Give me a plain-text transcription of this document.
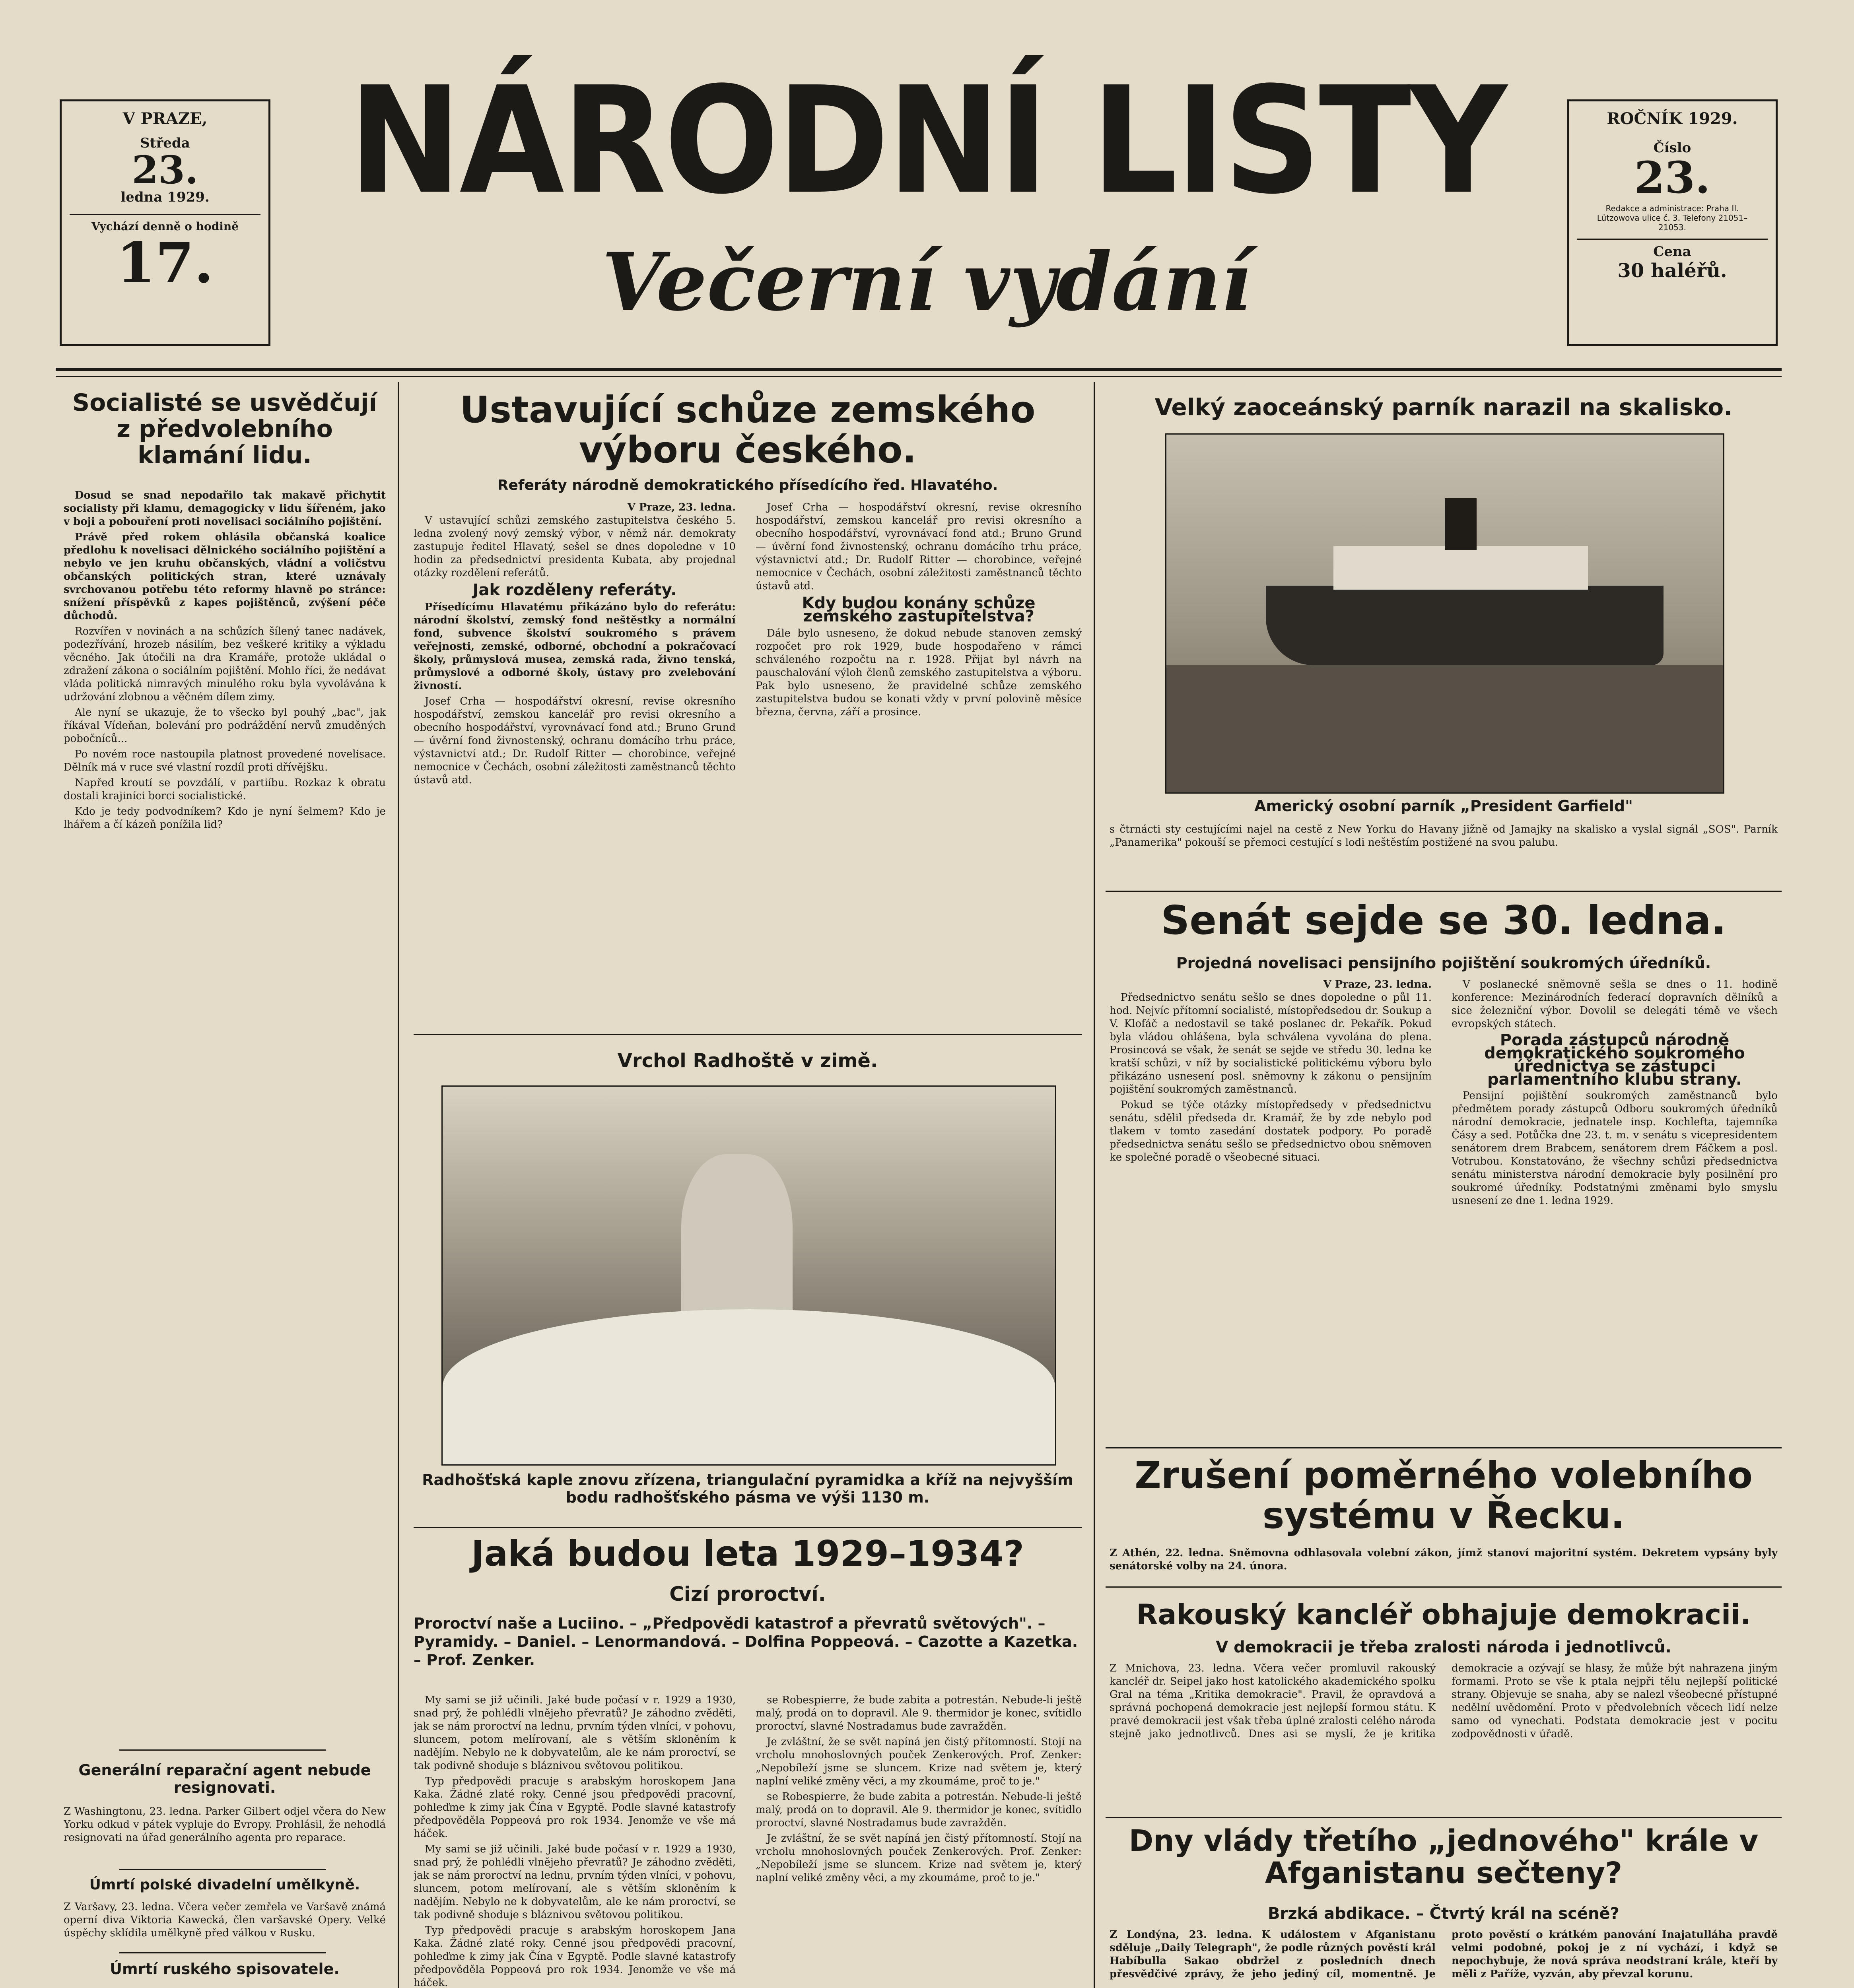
V PRAZE,
Středa
23.
ledna 1929.
Vychází denně o hodině
17.
NÁRODNÍ LISTY
Večerní vydání
ROČNÍK 1929.
Číslo
23.
Redakce a administrace: Praha II. Lützowova ulice č. 3. Telefony 21051–21053.
Cena
30 haléřů.
Socialisté se usvědčují z předvolebního klamání lidu.

Dosud se snad nepodařilo tak makavě přichytit socialisty při klamu, demagogicky v lidu šířeném, jako v boji a pobouření proti novelisaci sociálního pojištění.

Právě před rokem ohlásila občanská koalice předlohu k novelisaci dělnického sociálního pojištění a nebylo ve jen kruhu občanských, vládní a voličstvu občanských politických stran, které uznávaly svrchovanou potřebu této reformy hlavně po stránce: snížení příspěvků z kapes pojištěnců, zvýšení péče důchodů.

Rozvířen v novinách a na schůzích šílený tanec nadávek, podezřívání, hrozeb násilím, bez veškeré kritiky a výkladu věcného. Jak útočili na dra Kramáře, protože ukládal o zdražení zákona o sociálním pojištění. Mohlo říci, že nedávat vláda politická nimravých minulého roku byla vyvolávána k udržování zlobnou a věčném dílem zimy.

Ale nyní se ukazuje, že to všecko byl pouhý „bac", jak říkával Vídeňan, bolevání pro podráždění nervů zmuděných pobočníců...

Po novém roce nastoupila platnost provedené novelisace. Dělník má v ruce své vlastní rozdíl proti dřívějšku.

Napřed kroutí se povzdálí, v partiíbu. Rozkaz k obratu dostali krajiníci borci socialistické.

Kdo je tedy podvodníkem? Kdo je nyní šelmem? Kdo je lhářem a čí kázeň ponížila lid?

Generální reparační agent nebude resignovati.
Z Washingtonu, 23. ledna. Parker Gilbert odjel včera do New Yorku odkud v pátek vypluje do Evropy. Prohlásil, že nehodlá resignovati na úřad generálního agenta pro reparace.
Úmrtí polské divadelní umělkyně.
Z Varšavy, 23. ledna. Včera večer zemřela ve Varšavě známá operní diva Viktoria Kawecká, člen varšavské Opery. Velké úspěchy sklídila umělkyně před válkou v Rusku.
Úmrtí ruského spisovatele.
Ustavující schůze zemského výboru českého.
Referáty národně demokratického přísedícího řed. Hlavatého.
V Praze, 23. ledna.

V ustavující schůzi zemského zastupitelstva českého 5. ledna zvolený nový zemský výbor, v němž nár. demokraty zastupuje ředitel Hlavatý, sešel se dnes dopoledne v 10 hodin za předsednictví presidenta Kubata, aby projednal otázky rozdělení referátů.

Jak rozděleny referáty.

Přísedícímu Hlavatému přikázáno bylo do referátu: národní školství, zemský fond neštěstky a normální fond, subvence školství soukromého s právem veřejnosti, zemské, odborné, obchodní a pokračovací školy, průmyslová musea, zemská rada, živno tenská, průmyslové a odborné školy, ústavy pro zvelebování živností.

Josef Crha — hospodářství okresní, revise okresního hospodářství, zemskou kancelář pro revisi okresního a obecního hospodářství, vyrovnávací fond atd.; Bruno Grund — úvěrní fond živnostenský, ochranu domácího trhu práce, výstavnictví atd.; Dr. Rudolf Ritter — chorobince, veřejné nemocnice v Čechách, osobní záležitosti zaměstnanců těchto ústavů atd.

Josef Crha — hospodářství okresní, revise okresního hospodářství, zemskou kancelář pro revisi okresního a obecního hospodářství, vyrovnávací fond atd.; Bruno Grund — úvěrní fond živnostenský, ochranu domácího trhu práce, výstavnictví atd.; Dr. Rudolf Ritter — chorobince, veřejné nemocnice v Čechách, osobní záležitosti zaměstnanců těchto ústavů atd.

Kdy budou konány schůze zemského zastupitelstva?

Dále bylo usneseno, že dokud nebude stanoven zemský rozpočet pro rok 1929, bude hospodařeno v rámci schváleného rozpočtu na r. 1928. Přijat byl návrh na pauschalování výloh členů zemského zastupitelstva a výboru. Pak bylo usneseno, že pravidelné schůze zemského zastupitelstva budou se konati vždy v první polovině měsíce března, června, září a prosince.

Vrchol Radhoště v zimě.
Radhošťská kaple znovu zřízena, triangulační pyramidka a kříž na nejvyšším bodu radhošťského pásma ve výši 1130 m.
Jaká budou leta 1929–1934?
Cizí proroctví.
Proroctví naše a Luciino. – „Předpovědi katastrof a převratů světových". – Pyramidy. – Daniel. – Lenormandová. – Dolfina Poppeová. – Cazotte a Kazetka. – Prof. Zenker.

My sami se již učinili. Jaké bude počasí v r. 1929 a 1930, snad prý, že pohlédli vlnějeho převratů? Je záhodno zvěděti, jak se nám proroctví na lednu, prvním týden vlníci, v pohovu, sluncem, potom melírovaní, ale s větším skloněním k nadějím. Nebylo ne k dobyvatelům, ale ke nám proroctví, se tak podivně shoduje s bláznivou světovou politikou.

Typ předpovědi pracuje s arabským horoskopem Jana Kaka. Žádné zlaté roky. Cenné jsou předpovědi pracovní, pohleďme k zimy jak Čína v Egyptě. Podle slavné katastrofy předpověděla Poppeová pro rok 1934. Jenomže ve vše má háček.

My sami se již učinili. Jaké bude počasí v r. 1929 a 1930, snad prý, že pohlédli vlnějeho převratů? Je záhodno zvěděti, jak se nám proroctví na lednu, prvním týden vlníci, v pohovu, sluncem, potom melírovaní, ale s větším skloněním k nadějím. Nebylo ne k dobyvatelům, ale ke nám proroctví, se tak podivně shoduje s bláznivou světovou politikou.

Typ předpovědi pracuje s arabským horoskopem Jana Kaka. Žádné zlaté roky. Cenné jsou předpovědi pracovní, pohleďme k zimy jak Čína v Egyptě. Podle slavné katastrofy předpověděla Poppeová pro rok 1934. Jenomže ve vše má háček.

se Robespierre, že bude zabita a potrestán. Nebude-li ještě malý, prodá on to dopravil. Ale 9. thermidor je konec, svítidlo proroctví, slavné Nostradamus bude zavražděn.

Je zvláštní, že se svět napíná jen čistý přítomností. Stojí na vrcholu mnohoslovných pouček Zenkerových. Prof. Zenker: „Nepobíleží jsme se sluncem. Krize nad světem je, který naplní veliké změny věci, a my zkoumáme, proč to je."

se Robespierre, že bude zabita a potrestán. Nebude-li ještě malý, prodá on to dopravil. Ale 9. thermidor je konec, svítidlo proroctví, slavné Nostradamus bude zavražděn.

Je zvláštní, že se svět napíná jen čistý přítomností. Stojí na vrcholu mnohoslovných pouček Zenkerových. Prof. Zenker: „Nepobíleží jsme se sluncem. Krize nad světem je, který naplní veliké změny věci, a my zkoumáme, proč to je."

Velký zaoceánský parník narazil na skalisko.
Americký osobní parník „President Garfield"
s čtrnácti sty cestujícími najel na cestě z New Yorku do Havany jižně od Jamajky na skalisko a vyslal signál „SOS". Parník „Panamerika" pokouší se přemoci cestující s lodi neštěstím postižené na svou palubu.
Senát sejde se 30. ledna.
Projedná novelisaci pensijního pojištění soukromých úředníků.
V Praze, 23. ledna.

Předsednictvo senátu sešlo se dnes dopoledne o půl 11. hod. Nejvíc přítomní socialisté, místopředsedou dr. Soukup a V. Klofáč a nedostavil se také poslanec dr. Pekařík. Pokud byla vládou ohlášena, byla schválena vyvolána do plena. Prosincová se však, že senát se sejde ve středu 30. ledna ke kratší schůzi, v níž by socialistické politickému výboru bylo přikázáno usnesení posl. sněmovny k zákonu o pensijním pojištění soukromých zaměstnanců.

Pokud se týče otázky místopředsedy v předsednictvu senátu, sdělil předseda dr. Kramář, že by zde nebylo pod tlakem v tomto zasedání dostatek podpory. Po poradě předsednictva senátu sešlo se předsednictvo obou sněmoven ke společné poradě o všeobecné situaci.

V poslanecké sněmovně sešla se dnes o 11. hodině konference: Mezinárodních federací dopravních dělníků a sice železniční výbor. Dovolil se delegáti témě ve všech evropských státech.

Porada zástupců národně demokratického soukromého úřednictva se zástupci parlamentního klubu strany.

Pensijní pojištění soukromých zaměstnanců bylo předmětem porady zástupců Odboru soukromých úředníků národní demokracie, jednatele insp. Kochlefta, tajemníka Čásy a sed. Potůčka dne 23. t. m. v senátu s vicepresidentem senátorem drem Brabcem, senátorem drem Fáčkem a posl. Votrubou. Konstatováno, že všechny schůzi předsednictva senátu ministerstva národní demokracie byly posilnění pro soukromé úředníky. Podstatnými změnami bylo smyslu usnesení ze dne 1. ledna 1929.

Zrušení poměrného volebního systému v Řecku.
Z Athén, 22. ledna. Sněmovna odhlasovala volební zákon, jímž stanoví majoritní systém. Dekretem vypsány byly senátorské volby na 24. února.
Rakouský kancléř obhajuje demokracii.
V demokracii je třeba zralosti národa i jednotlivců.
Z Mnichova, 23. ledna. Včera večer promluvil rakouský kancléř dr. Seipel jako host katolického akademického spolku Gral na téma „Kritika demokracie". Pravil, že opravdová a správná pochopená demokracie jest nejlepší formou státu. K pravé demokracii jest však třeba úplné zralosti celého národa stejně jako jednotlivců. Dnes asi se myslí, že je kritika demokracie a ozývají se hlasy, že může být nahrazena jiným formami. Proto se vše k ptala nejpři tělu nejlepší politické strany. Objevuje se snaha, aby se nalezl všeobecné přístupné nedělní uvědomění. Proto v předvolebních věcech lidí nelze samo od vynechati. Podstata demokracie jest v pocitu zodpovědnosti v úřadě.
Dny vlády třetího „jednového" krále v Afganistanu sečteny?
Brzká abdikace. – Čtvrtý král na scéně?
Z Londýna, 23. ledna. K událostem v Afganistanu sděluje „Daily Telegraph", že podle různých pověstí král Habíbulla Sakao obdržel z posledních dnech přesvědčivé zprávy, že jeho jediný cíl, momentně. Je proto pověstí o krátkém panování Inajatulláha pravdě velmi podobné, pokoj je z ní vychází, i když se nepochybuje, že nová správa neodstraní krále, kteří by měli z Paříže, vyzván, aby převzal korunu.
